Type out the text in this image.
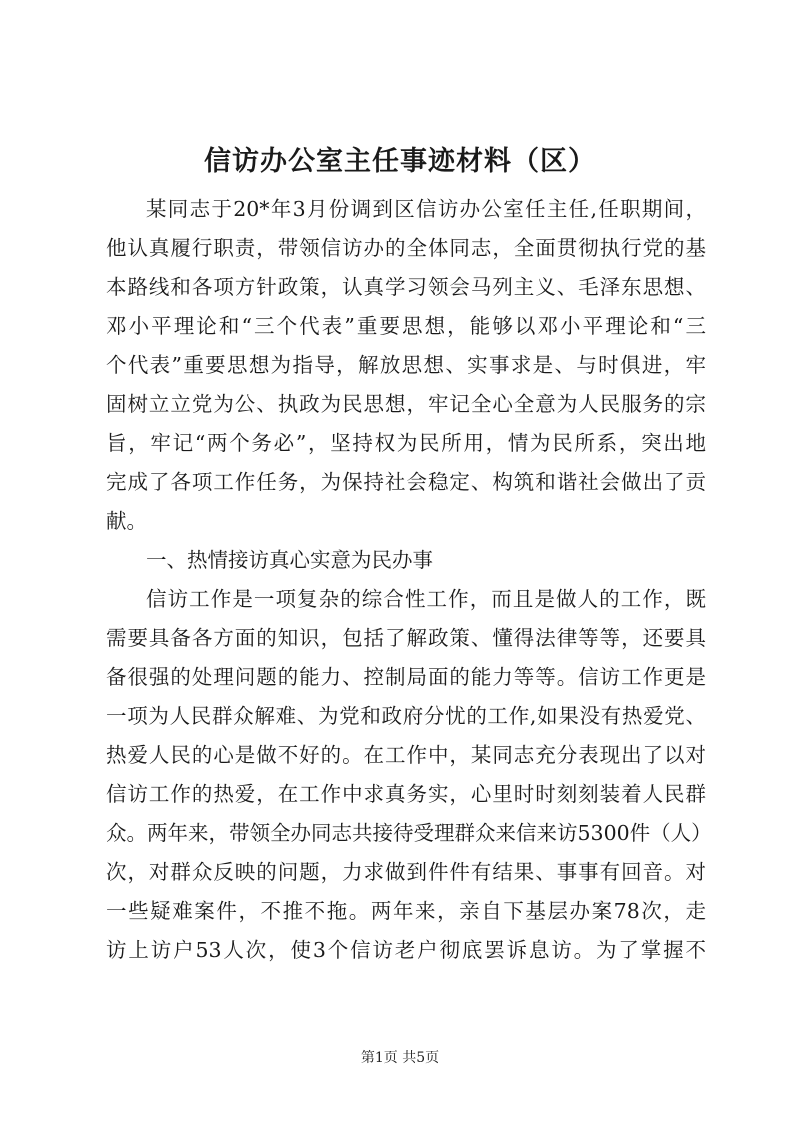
信访办公室主任事迹材料（区）
某同志于20*年3月份调到区信访办公室任主任,任职期间，
他认真履行职责，带领信访办的全体同志，全面贯彻执行党的基
本路线和各项方针政策，认真学习领会马列主义、毛泽东思想、
邓小平理论和“三个代表”重要思想，能够以邓小平理论和“三
个代表”重要思想为指导，解放思想、实事求是、与时俱进，牢
固树立立党为公、执政为民思想，牢记全心全意为人民服务的宗
旨，牢记“两个务必”，坚持权为民所用，情为民所系，突出地
完成了各项工作任务，为保持社会稳定、构筑和谐社会做出了贡
献。
一、热情接访真心实意为民办事
信访工作是一项复杂的综合性工作，而且是做人的工作，既
需要具备各方面的知识，包括了解政策、懂得法律等等，还要具
备很强的处理问题的能力、控制局面的能力等等。信访工作更是
一项为人民群众解难、为党和政府分忧的工作,如果没有热爱党、
热爱人民的心是做不好的。在工作中，某同志充分表现出了以对
信访工作的热爱，在工作中求真务实，心里时时刻刻装着人民群
众。两年来，带领全办同志共接待受理群众来信来访5300件（人）
次，对群众反映的问题，力求做到件件有结果、事事有回音。对
一些疑难案件，不推不拖。两年来，亲自下基层办案78次，走
访上访户53人次，使3个信访老户彻底罢诉息访。为了掌握不
第1页 共5页
